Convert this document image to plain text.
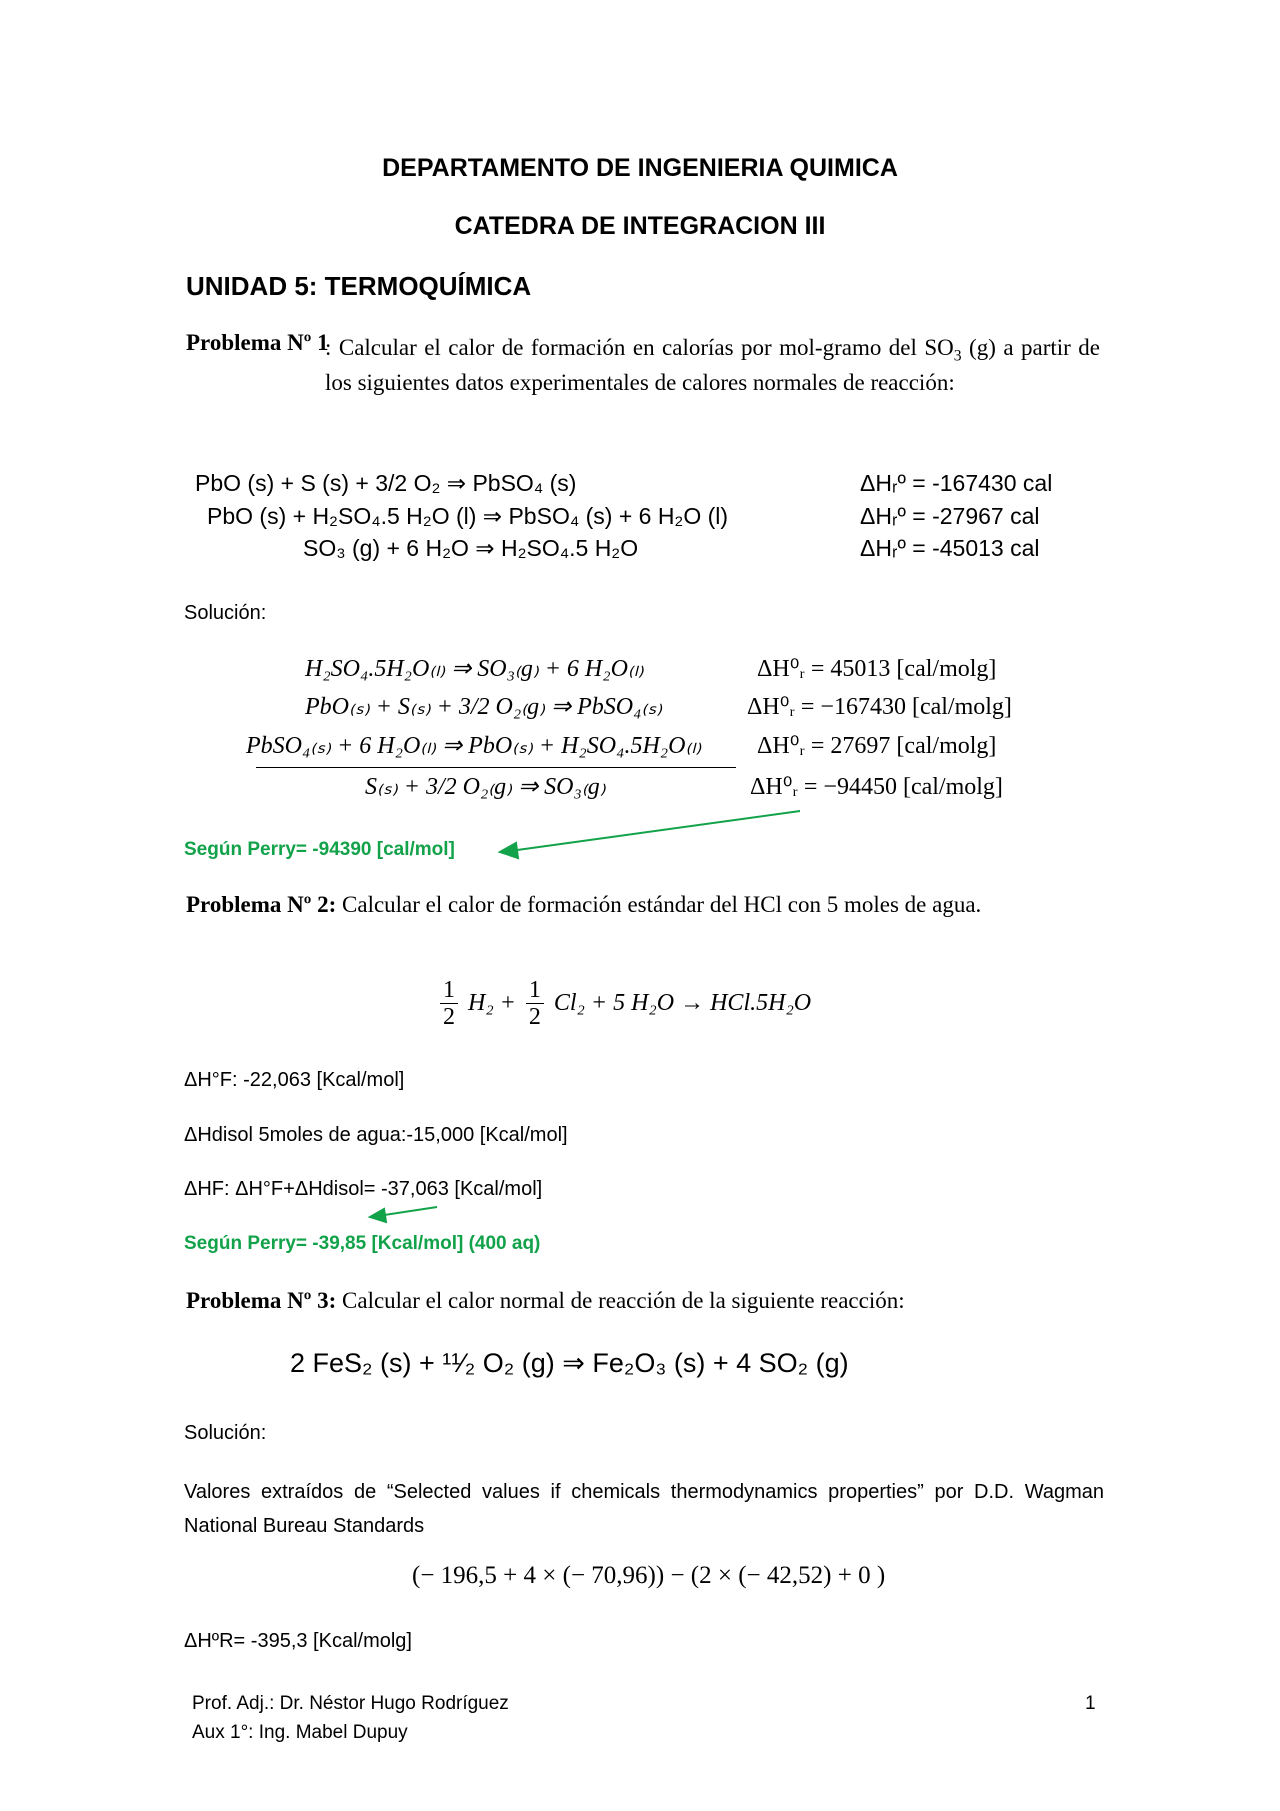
DEPARTAMENTO DE INGENIERIA QUIMICA
CATEDRA DE INTEGRACION III
UNIDAD 5: TERMOQUÍMICA
Problema Nº 1
: Calcular el calor de formación en calorías por mol-gramo del $SO_3$ (g) a partir de los siguientes datos experimentales de calores normales de reacción:
PbO (s) + S (s) + 3/2 O₂ ⇒ PbSO₄ (s)	ΔHᵣº = -167430 cal
PbO (s) + H₂SO₄.5 H₂O (l) ⇒ PbSO₄ (s) + 6 H₂O (l)	ΔHᵣº = -27967 cal
SO₃ (g) + 6 H₂O ⇒ H₂SO₄.5 H₂O	ΔHᵣº = -45013 cal
Solución:
H₂SO₄.5H₂O₍ₗ₎ ⇒ SO₃₍g₎ + 6 H₂O₍ₗ₎	ΔH⁰ᵣ = 45013 [cal/molg]
PbO₍ₛ₎ + S₍ₛ₎ + 3/2 O₂₍g₎ ⇒ PbSO₄₍ₛ₎	ΔH⁰ᵣ = −167430 [cal/molg]
PbSO₄₍ₛ₎ + 6 H₂O₍ₗ₎ ⇒ PbO₍ₛ₎ + H₂SO₄.5H₂O₍ₗ₎ ΔH⁰ᵣ = 27697 [cal/molg]
S₍ₛ₎ + 3/2 O₂₍g₎ ⇒ SO₃₍g₎	ΔH⁰ᵣ = −94450 [cal/molg]
Según Perry= -94390 [cal/mol]
Problema Nº 2: Calcular el calor de formación estándar del HCl con 5 moles de agua.
$\frac{1}{2} H_2 + \frac{1}{2} Cl_2 + 5$ H₂O → HCl.5H₂O
ΔH°F: -22,063 [Kcal/mol]
ΔHdisol 5moles de agua:-15,000 [Kcal/mol]
ΔHF: ΔH°F+ΔHdisol= -37,063 [Kcal/mol]
Según Perry= -39,85 [Kcal/mol] (400 aq)
Problema Nº 3: Calcular el calor normal de reacción de la siguiente reacción:
2 FeS₂ (s) + ¹¹⁄₂ O₂ (g) ⇒ Fe₂O₃ (s) + 4 SO₂ (g)
Solución:
Valores extraídos de “Selected values if chemicals thermodynamics properties” por D.D. Wagman National Bureau Standards
(− 196,5 + 4 × (− 70,96)) − (2 × (− 42,52) + 0 )
ΔHºR= -395,3 [Kcal/molg]
Prof. Adj.: Dr. Néstor Hugo Rodríguez
Aux 1°: Ing. Mabel Dupuy
1
